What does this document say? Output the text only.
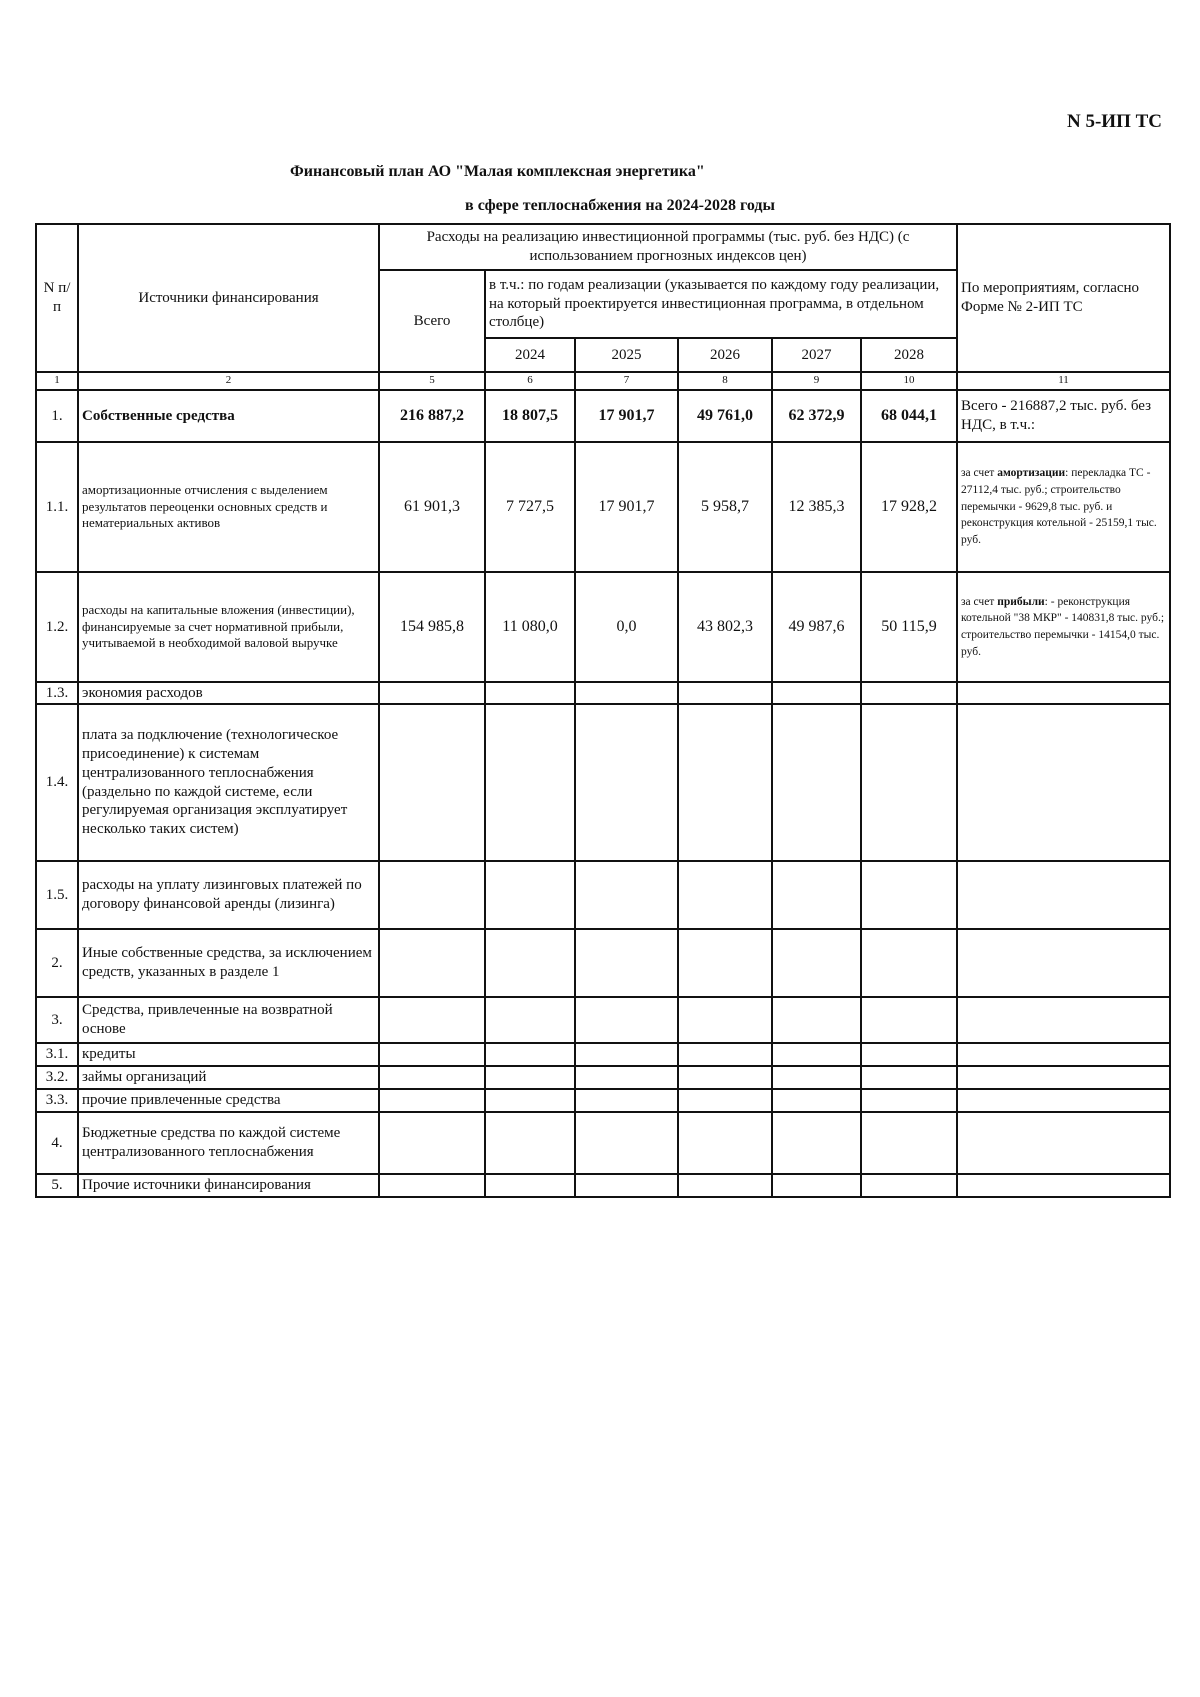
N 5-ИП ТС
Финансовый план АО "Малая комплексная энергетика"
в сфере теплоснабжения на 2024-2028 годы
N п/п	Источники финансирования	Расходы на реализацию инвестиционной программы (тыс. руб. без НДС) (с использованием прогнозных индексов цен)						По мероприятиям, согласно Форме № 2-ИП ТС
		Всего	в т.ч.: по годам реализации (указывается по каждому году реализации, на который проектируется инвестиционная программа, в отдельном столбце)					
			2024	2025	2026	2027	2028	
1	2	5	6	7	8	9	10	11
1.	Собственные средства	216 887,2	18 807,5	17 901,7	49 761,0	62 372,9	68 044,1	Всего - 216887,2 тыс. руб. без НДС, в т.ч.:
1.1.	амортизационные отчисления с выделением результатов переоценки основных средств и нематериальных активов	61 901,3	7 727,5	17 901,7	5 958,7	12 385,3	17 928,2	за счет амортизации: перекладка ТС - 27112,4 тыс. руб.; строительство перемычки - 9629,8 тыс. руб. и реконструкция котельной - 25159,1 тыс. руб.
1.2.	расходы на капитальные вложения (инвестиции), финансируемые за счет нормативной прибыли, учитываемой в необходимой валовой выручке	154 985,8	11 080,0	0,0	43 802,3	49 987,6	50 115,9	за счет прибыли: - реконструкция котельной "38 МКР" - 140831,8 тыс. руб.; строительство перемычки - 14154,0 тыс. руб.
1.3.	экономия расходов							
1.4.	плата за подключение (технологическое присоединение) к системам централизованного теплоснабжения (раздельно по каждой системе, если регулируемая организация эксплуатирует несколько таких систем)							
1.5.	расходы на уплату лизинговых платежей по договору финансовой аренды (лизинга)							
2.	Иные собственные средства, за исключением средств, указанных в разделе 1							
3.	Средства, привлеченные на возвратной основе							
3.1.	кредиты							
3.2.	займы организаций							
3.3.	прочие привлеченные средства							
4.	Бюджетные средства по каждой системе централизованного теплоснабжения							
5.	Прочие источники финансирования							
